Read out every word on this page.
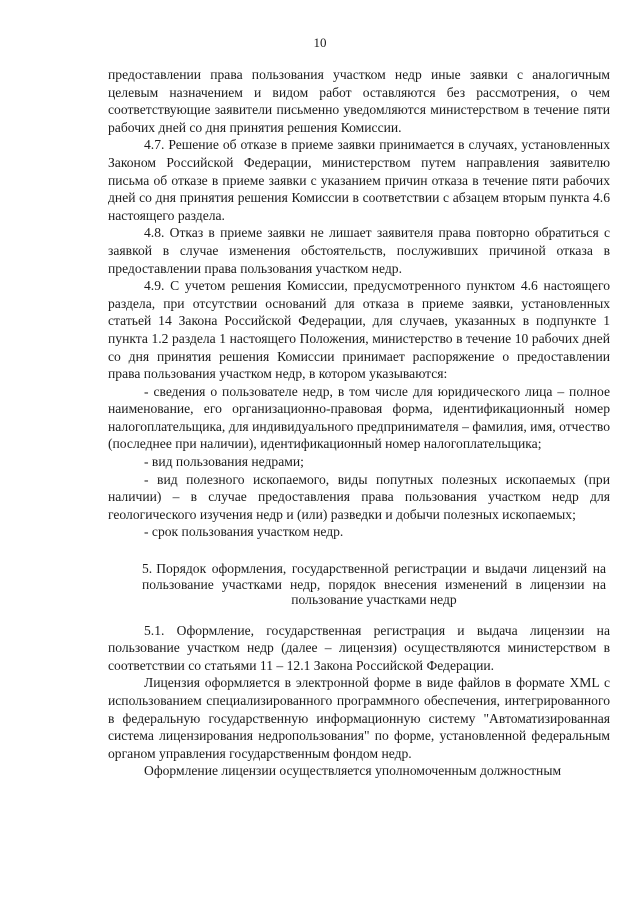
10

предоставлении права пользования участком недр иные заявки с аналогичным целевым назначением и видом работ оставляются без рассмотрения, о чем соответствующие заявители письменно уведомляются министерством в течение пяти рабочих дней со дня принятия решения Комиссии.

4.7. Решение об отказе в приеме заявки принимается в случаях, установленных Законом Российской Федерации, министерством путем направления заявителю письма об отказе в приеме заявки с указанием причин отказа в течение пяти рабочих дней со дня принятия решения Комиссии в соответствии с абзацем вторым пункта 4.6 настоящего раздела.

4.8. Отказ в приеме заявки не лишает заявителя права повторно обратиться с заявкой в случае изменения обстоятельств, послуживших причиной отказа в предоставлении права пользования участком недр.

4.9. С учетом решения Комиссии, предусмотренного пунктом 4.6 настоящего раздела, при отсутствии оснований для отказа в приеме заявки, установленных статьей 14 Закона Российской Федерации, для случаев, указанных в подпункте 1 пункта 1.2 раздела 1 настоящего Положения, министерство в течение 10 рабочих дней со дня принятия решения Комиссии принимает распоряжение о предоставлении права пользования участком недр, в котором указываются:

- сведения о пользователе недр, в том числе для юридического лица – полное наименование, его организационно-правовая форма, идентификационный номер налогоплательщика, для индивидуального предпринимателя – фамилия, имя, отчество (последнее при наличии), идентификационный номер налогоплательщика;

- вид пользования недрами;

- вид полезного ископаемого, виды попутных полезных ископаемых (при наличии) – в случае предоставления права пользования участком недр для геологического изучения недр и (или) разведки и добычи полезных ископаемых;

- срок пользования участком недр.

5. Порядок оформления, государственной регистрации и выдачи лицензий на пользование участками недр, порядок внесения изменений в лицензии на пользование участками недр

5.1. Оформление, государственная регистрация и выдача лицензии на пользование участком недр (далее – лицензия) осуществляются министерством в соответствии со статьями 11 – 12.1 Закона Российской Федерации.

Лицензия оформляется в электронной форме в виде файлов в формате XML с использованием специализированного программного обеспечения, интегрированного в федеральную государственную информационную систему "Автоматизированная система лицензирования недропользования" по форме, установленной федеральным органом управления государственным фондом недр.

Оформление лицензии осуществляется уполномоченным должностным
